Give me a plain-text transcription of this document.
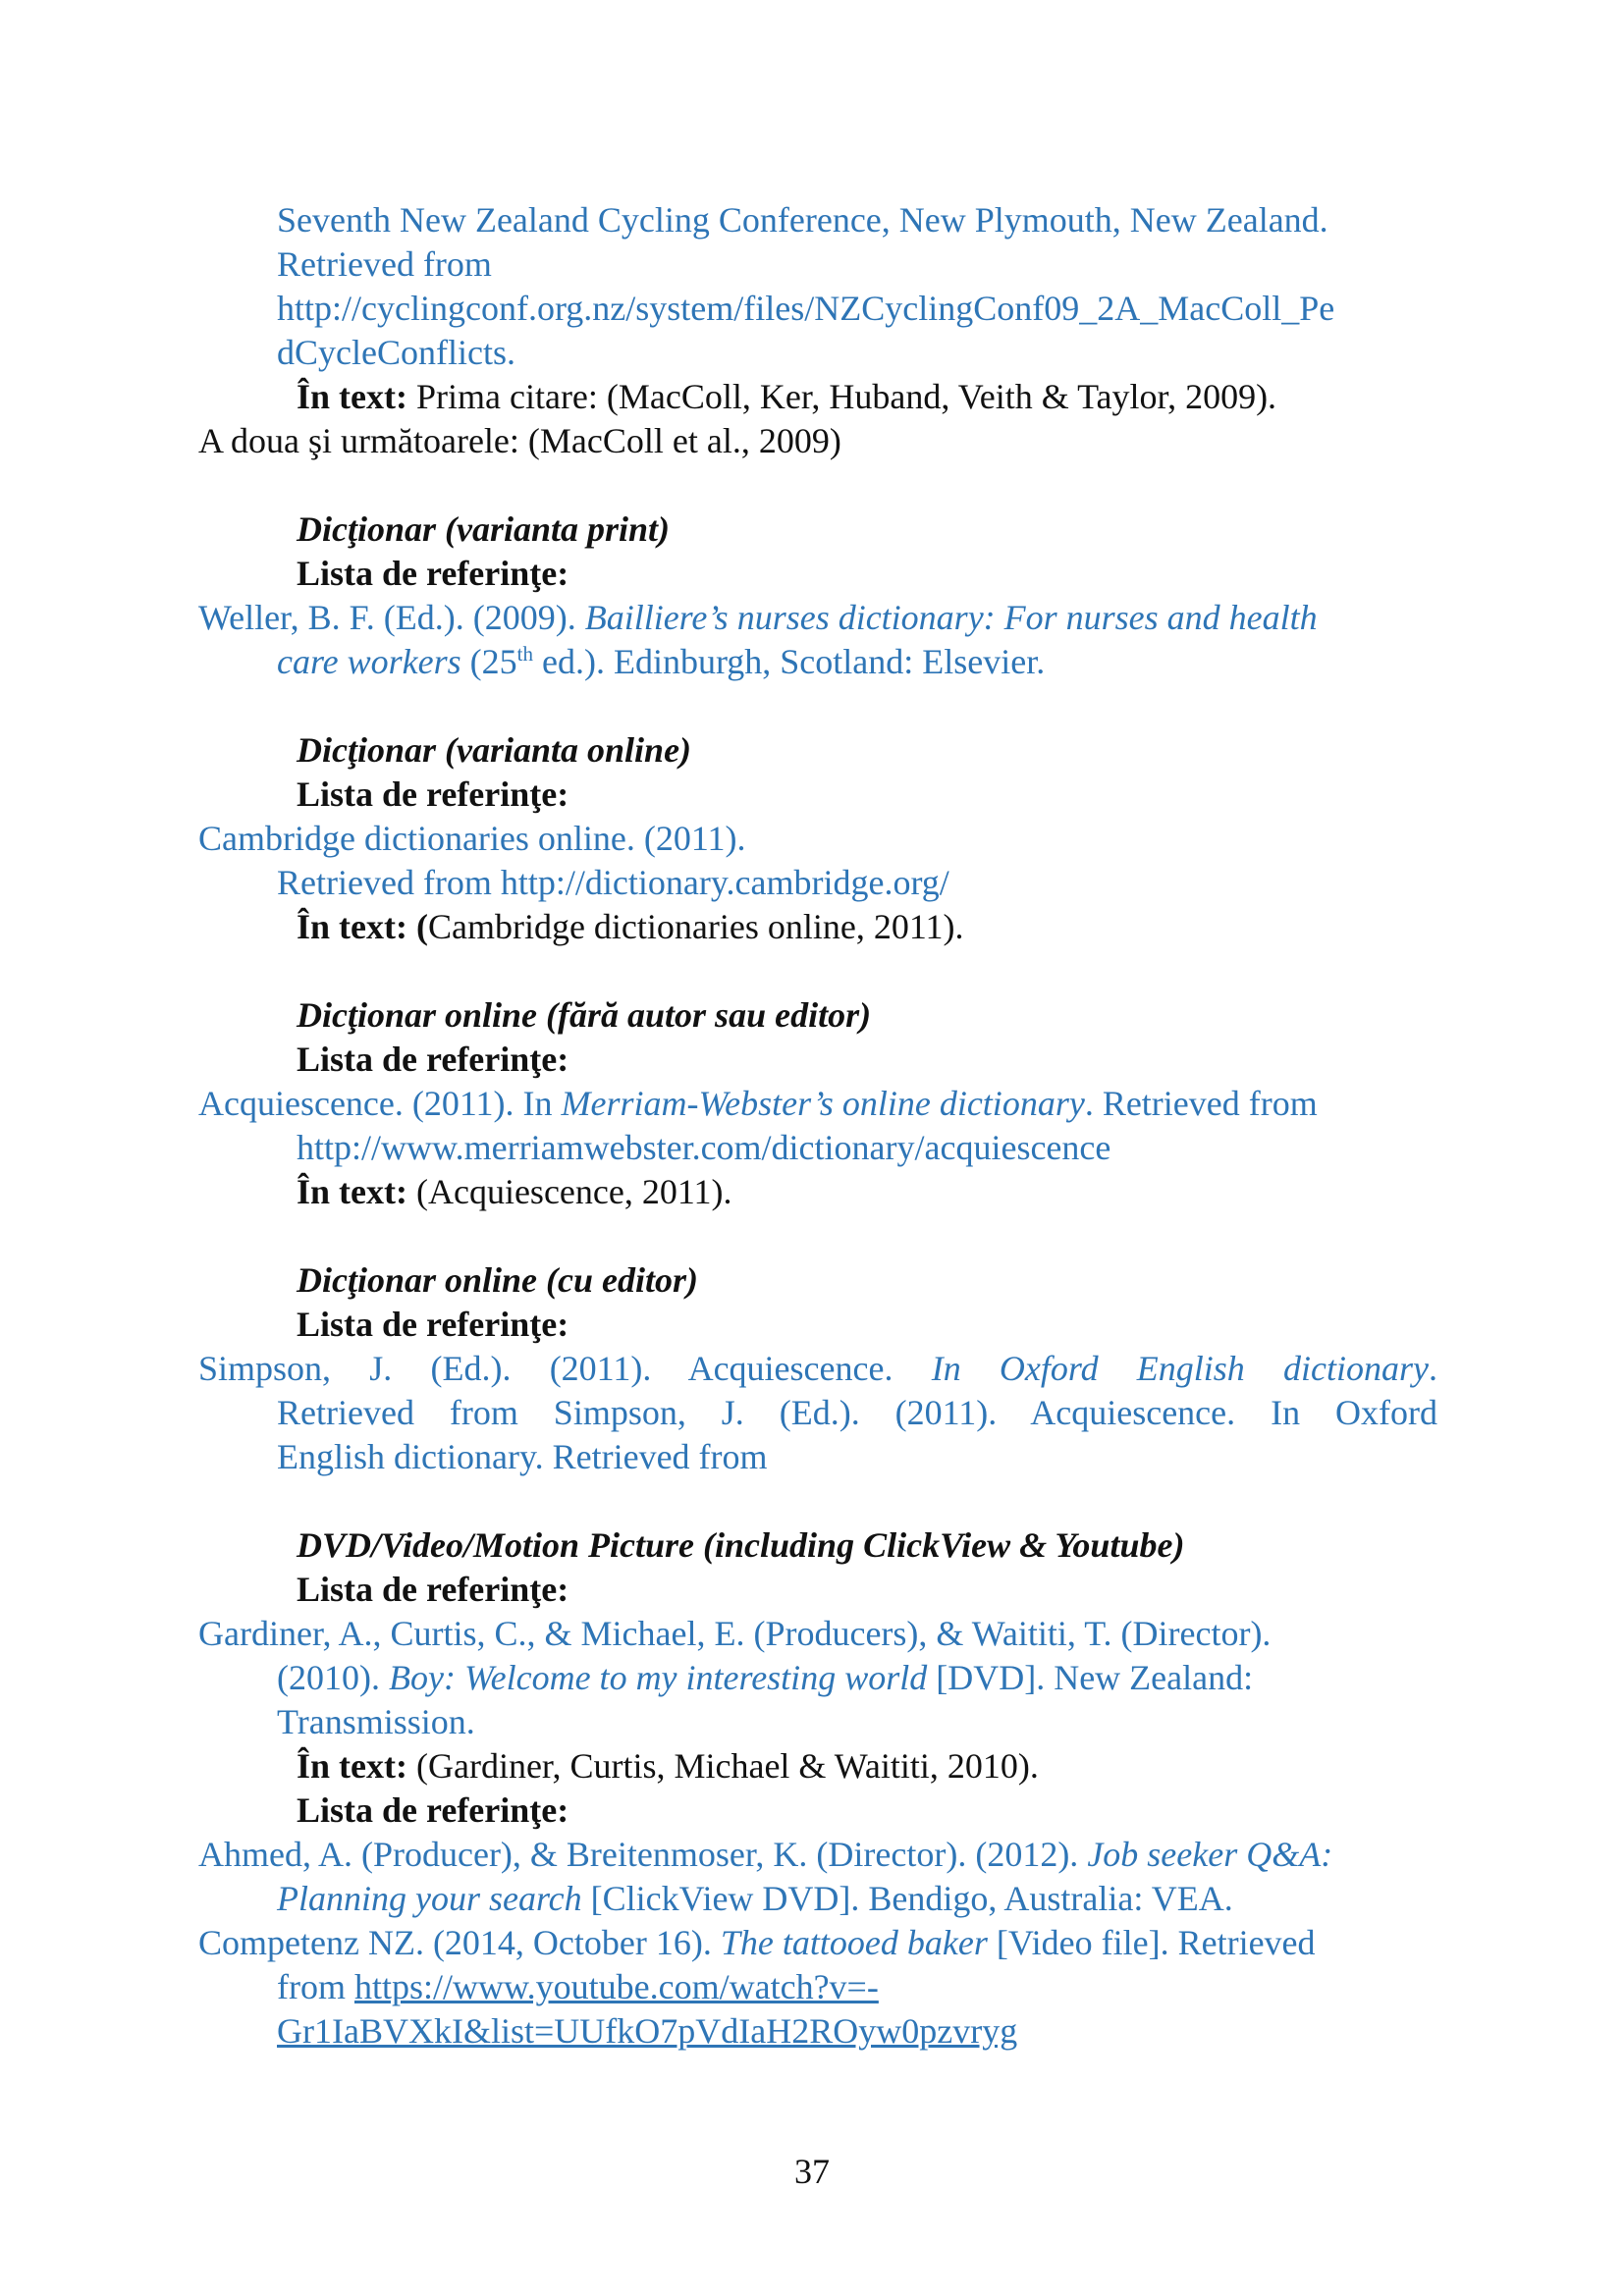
Seventh New Zealand Cycling Conference, New Plymouth, New Zealand.
Retrieved from
http://cyclingconf.org.nz/system/files/NZCyclingConf09_2A_MacColl_Pe
dCycleConflicts.
În text: Prima citare: (MacColl, Ker, Huband, Veith & Taylor, 2009).
A doua şi următoarele: (MacColl et al., 2009)
Dicţionar (varianta print)
Lista de referinţe:
Weller, B. F. (Ed.). (2009). Bailliere’s nurses dictionary: For nurses and health
care workers (25th ed.). Edinburgh, Scotland: Elsevier.
Dicţionar (varianta online)
Lista de referinţe:
Cambridge dictionaries online. (2011).
Retrieved from http://dictionary.cambridge.org/
În text: (Cambridge dictionaries online, 2011).
Dicţionar online (fără autor sau editor)
Lista de referinţe:
Acquiescence. (2011). In Merriam-Webster’s online dictionary. Retrieved from
http://www.merriamwebster.com/dictionary/acquiescence
În text: (Acquiescence, 2011).
Dicţionar online (cu editor)
Lista de referinţe:
Simpson, J. (Ed.). (2011). Acquiescence. In Oxford English dictionary.
Retrieved from Simpson, J. (Ed.). (2011). Acquiescence. In Oxford
English dictionary. Retrieved from
DVD/Video/Motion Picture (including ClickView & Youtube)
Lista de referinţe:
Gardiner, A., Curtis, C., & Michael, E. (Producers), & Waititi, T. (Director).
(2010). Boy: Welcome to my interesting world [DVD]. New Zealand:
Transmission.
În text: (Gardiner, Curtis, Michael & Waititi, 2010).
Lista de referinţe:
Ahmed, A. (Producer), & Breitenmoser, K. (Director). (2012). Job seeker Q&A:
Planning your search [ClickView DVD]. Bendigo, Australia: VEA.
Competenz NZ. (2014, October 16). The tattooed baker [Video file]. Retrieved
from https://www.youtube.com/watch?v=-
Gr1IaBVXkI&list=UUfkO7pVdIaH2ROyw0pzvryg
37
